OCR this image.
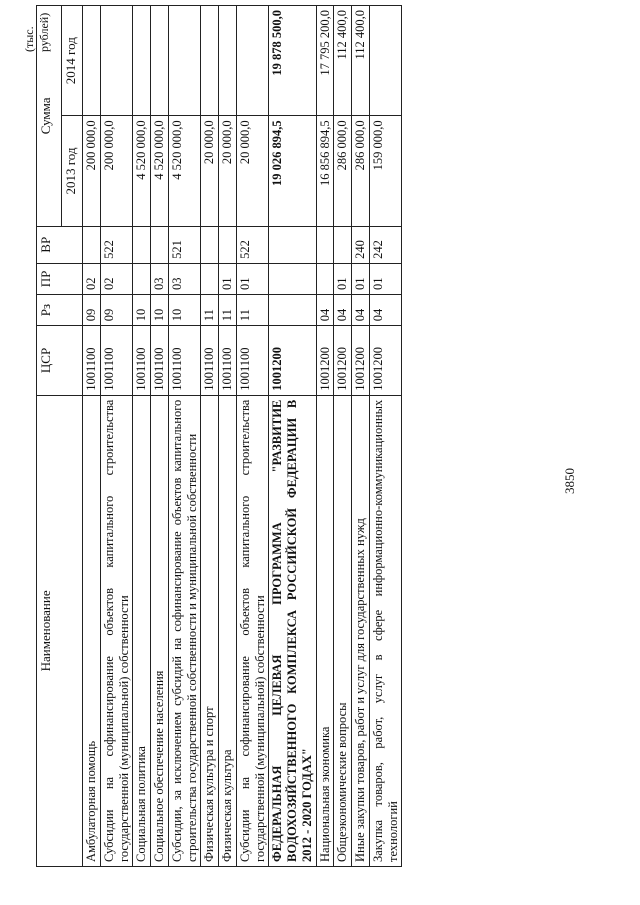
3850
(тыс. рублей)
Наименование	ЦСР	Рз	ПР	ВР	Сумма	
					2013 год	2014 год
Амбулаторная помощь	1001100	09	02		200 000,0	
Субсидии на софинансирование объектов капитального строительства государственной (муниципальной) собственности	1001100	09	02	522	200 000,0	
Социальная политика	1001100	10			4 520 000,0	
Социальное обеспечение населения	1001100	10	03		4 520 000,0	
Субсидии, за исключением субсидий на софинансирование объектов капитального строительства государственной собственности и муниципальной собственности	1001100	10	03	521	4 520 000,0	
Физическая культура и спорт	1001100	11			20 000,0	
Физическая культура	1001100	11	01		20 000,0	
Субсидии на софинансирование объектов капитального строительства государственной (муниципальной) собственности	1001100	11	01	522	20 000,0	
ФЕДЕРАЛЬНАЯ ЦЕЛЕВАЯ ПРОГРАММА "РАЗВИТИЕ ВОДОХОЗЯЙСТВЕННОГО КОМПЛЕКСА РОССИЙСКОЙ ФЕДЕРАЦИИ В 2012 - 2020 ГОДАХ"	1001200				19 026 894,5	19 878 500,0
Национальная экономика	1001200	04			16 856 894,5	17 795 200,0
Общеэкономические вопросы	1001200	04	01		286 000,0	112 400,0
Иные закупки товаров, работ и услуг для государственных нужд	1001200	04	01	240	286 000,0	112 400,0
Закупка товаров, работ, услуг в сфере информационно-коммуникационных технологий	1001200	04	01	242	159 000,0	
